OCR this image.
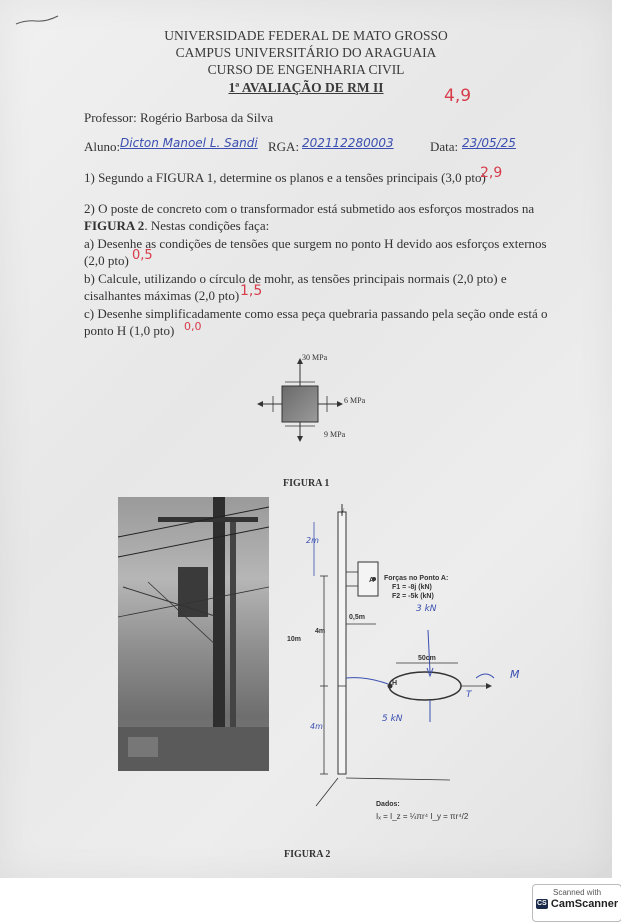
UNIVERSIDADE FEDERAL DE MATO GROSSO
CAMPUS UNIVERSITÁRIO DO ARAGUAIA
CURSO DE ENGENHARIA CIVIL
1ª AVALIAÇÃO DE RM II	4,9
Professor: Rogério Barbosa da Silva
Aluno: Dicton Manoel L. Sandi RGA: 202112280003	Data: 23/05/25
1) Segundo a FIGURA 1, determine os planos e a tensões principais (3,0 pto)
2,9
2) O poste de concreto com o transformador está submetido aos esforços mostrados na
FIGURA 2. Nestas condições faça:
a) Desenhe as condições de tensões que surgem no ponto H devido aos esforços externos
(2,0 pto) 0,5
b) Calcule, utilizando o círculo de mohr, as tensões principais normais (2,0 pto) e
cisalhantes máximas (2,0 pto) 1,5
c) Desenhe simplificadamente como essa peça quebraria passando pela seção onde está o
ponto H (1,0 pto) 0,0
30 MPa
6 MPa
9 MPa
FIGURA 1
y
Forças no Ponto A:
F1 = -8j (kN)
F2 = -5k (kN)
A
0,5m
10m
4m
50cm
H
2m
4m
3 kN
5 kN
T
M
Dados:
Iₓ = I_z = ¼πr⁴ I_y = πr⁴/2
FIGURA 2
Scanned with
CS CamScanner
